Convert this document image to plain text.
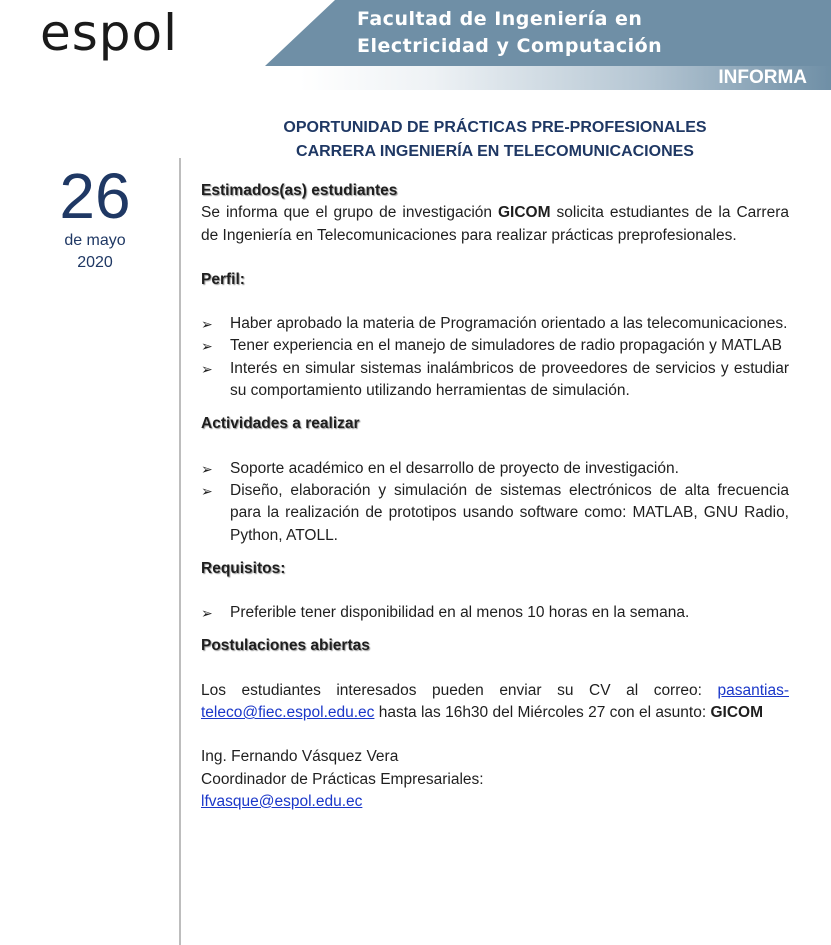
espol	Facultad de Ingeniería en
Electricidad y Computación
INFORMA
OPORTUNIDAD DE PRÁCTICAS PRE-PROFESIONALES
CARRERA INGENIERÍA EN TELECOMUNICACIONES
26
de mayo
2020

Estimados(as) estudiantes

Se informa que el grupo de investigación GICOM solicita estudiantes de la Carrera de Ingeniería en Telecomunicaciones para realizar prácticas preprofesionales.

Perfil:

➢ Haber aprobado la materia de Programación orientado a las telecomunicaciones.
➢ Tener experiencia en el manejo de simuladores de radio propagación y MATLAB
➢ Interés en simular sistemas inalámbricos de proveedores de servicios y estudiar su comportamiento utilizando herramientas de simulación.

Actividades a realizar

➢ Soporte académico en el desarrollo de proyecto de investigación.
➢ Diseño, elaboración y simulación de sistemas electrónicos de alta frecuencia para la realización de prototipos usando software como: MATLAB, GNU Radio, Python, ATOLL.

Requisitos:

➢ Preferible tener disponibilidad en al menos 10 horas en la semana.

Postulaciones abiertas

Los estudiantes interesados pueden enviar su CV al correo: pasantias-teleco@fiec.espol.edu.ec hasta las 16h30 del Miércoles 27 con el asunto: GICOM

Ing. Fernando Vásquez Vera

Coordinador de Prácticas Empresariales:

lfvasque@espol.edu.ec
